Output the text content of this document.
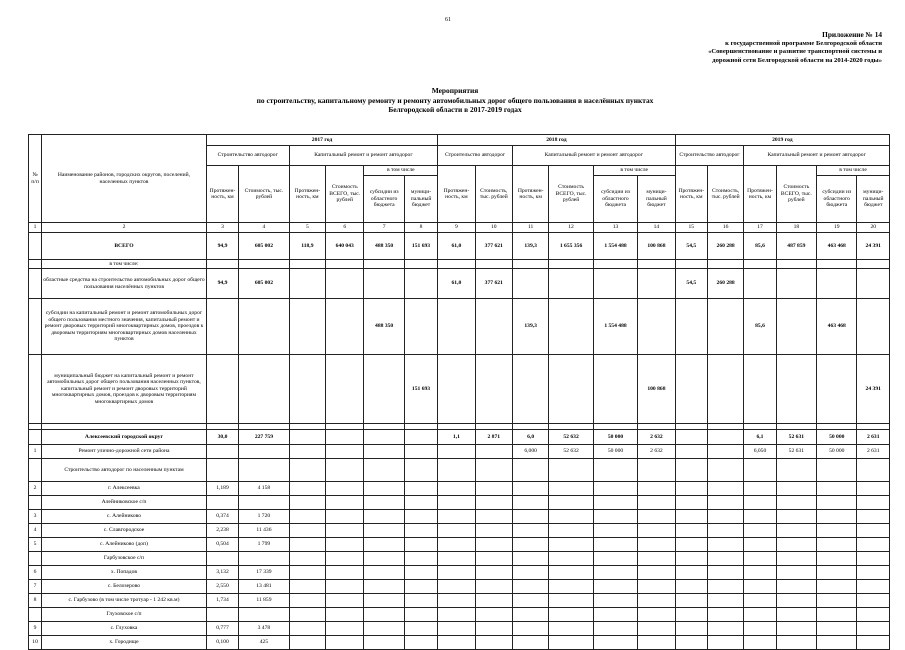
61
Приложение № 14
к государственной программе Белгородской области
«Совершенствование и развитие транспортной системы и
дорожной сети Белгородской области на 2014-2020 годы»
Мероприятия
по строительству, капитальному ремонту и ремонту автомобильных дорог общего пользования в населённых пунктах
Белгородской области в 2017-2019 годах
№ п/п	Наименование районов, городских округов, поселений, населенных пунктов	2017 год						2018 год						2019 год					
		Строительство автодорог		Капитальный ремонт и ремонт автодорог				Строительство автодорог		Капитальный ремонт и ремонт автодорог				Строительство автодорог		Капитальный ремонт и ремонт автодорог			
		Протяжен-ность, км	Стоимость, тыс. рублей	Протяжен-ность, км	Стоимость ВСЕГО, тыс. рублей	в том числе		Протяжен-ность, км	Стоимость, тыс. рублей	Протяжен-ность, км	Стоимость ВСЕГО, тыс. рублей	в том числе		Протяжен-ность, км	Стоимость, тыс. рублей	Протяжен-ность, км	Стоимость ВСЕГО, тыс. рублей	в том числе	
						субсидии из областного бюджета	муници-пальный бюджет					субсидии из областного бюджета	муници-пальный бюджет					субсидии из областного бюджета	муници-пальный бюджет
1	2	3	4	5	6	7	8	9	10	11	12	13	14	15	16	17	18	19	20
	ВСЕГО	94,9	605 002	118,9	640 043	488 350	151 693	61,0	377 621	139,3	1 655 356	1 554 488	100 868	54,5	260 288	85,6	487 859	463 468	24 391
	в том числе:																		
	областные средства на строительство автомобильных дорог общего пользования населённых пунктов	94,9	605 002					61,0	377 621					54,5	260 288				
	субсидии на капитальный ремонт и ремонт автомобильных дорог общего пользования местного значения, капитальный ремонт и ремонт дворовых территорий многоквартирных домов, проездов к дворовым территориям многоквартирных домов населенных пунктов					488 350				139,3		1 554 488				85,6		463 468	
	муниципальный бюджет на капитальный ремонт и ремонт автомобильных дорог общего пользования населенных пунктов, капитальный ремонт и ремонт дворовых территорий многоквартирных домов, проездов к дворовым территориям многоквартирных домов						151 693						100 868						24 391

	Алексеевский городской округ	30,0	227 759					1,1	2 871	6,0	52 632	50 000	2 632			6,1	52 631	50 000	2 631
1	Ремонт улично-дорожной сети района									6,000	52 632	50 000	2 632			6,050	52 631	50 000	2 631
	Строительство автодорог по населенным пунктам																		
2	г. Алексеевка	1,189	4 158																
	Алейниковское с/п																		
3	с. Алейниково	0,374	1 720																
4	с. Славгородское	2,238	11 436																
5	с. Алейниково (доп)	0,504	1 799																
	Гарбузовское с/п																		
6	х. Попадов	3,132	17 339																
7	с. Белозерово	2,550	13 481																
8	с. Гарбузово (в том числе тротуар - 1 242 кв.м)	1,734	11 859																
	Глуховское с/п																		
9	с. Глуховка	0,777	3 478																
10	х. Городище	0,100	425																
